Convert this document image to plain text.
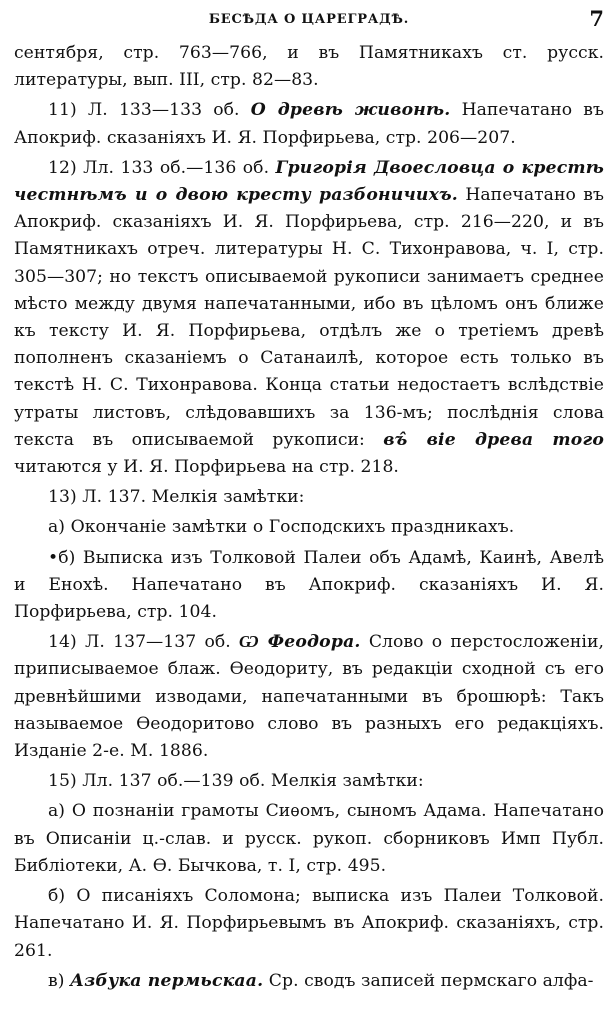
БЕСѢДА О ЦАРЕГРАДѢ.	7

сентября, стр. 763—766, и въ Памятникахъ ст. русск. литературы, вып. III, стр. 82—83.

11) Л. 133—133 об. О древѣ живонѣ. Напечатано въ Апокриф. сказаніяхъ И. Я. Порфирьева, стр. 206—207.

12) Лл. 133 об.—136 об. Григорія Двоесловца о крестѣ честнѣмъ и о двою кресту разбоничихъ. Напечатано въ Апокриф. сказаніяхъ И. Я. Порфирьева, стр. 216—220, и въ Памятникахъ отреч. литературы Н. С. Тихонравова, ч. I, стр. 305—307; но текстъ описываемой рукописи занимаетъ среднее мѣсто между двумя напечатанными, ибо въ цѣломъ онъ ближе къ тексту И. Я. Порфирьева, отдѣлъ же о третіемъ древѣ пополненъ сказаніемъ о Сатанаилѣ, которое есть только въ текстѣ Н. С. Тихонравова. Конца статьи недостаетъ вслѣдствіе утраты листовъ, слѣдовавшихъ за 136-мъ; послѣднія слова текста въ описываемой рукописи: въ̂ віе древа того читаются у И. Я. Порфирьева на стр. 218.

13) Л. 137. Мелкія замѣтки:

а) Окончаніе замѣтки о Господскихъ праздникахъ.

•б) Выписка изъ Толковой Палеи объ Адамѣ, Каинѣ, Авелѣ и Енохѣ. Напечатано въ Апокриф. сказаніяхъ И. Я. Порфирьева, стр. 104.

14) Л. 137—137 об. Ѡ Феодора. Слово о перстосложеніи, приписываемое блаж. Ѳеодориту, въ редакціи сходной съ его древнѣйшими изводами, напечатанными въ брошюрѣ: Такъ называемое Ѳеодоритово слово въ разныхъ его редакціяхъ. Изданіе 2-е. М. 1886.

15) Лл. 137 об.—139 об. Мелкія замѣтки:

а) О познаніи грамоты Сиѳомъ, сыномъ Адама. Напечатано въ Описаніи ц.-слав. и русск. рукоп. сборниковъ Имп Публ. Библіотеки, А. Ѳ. Бычкова, т. I, стр. 495.

б) О писаніяхъ Соломона; выписка изъ Палеи Толковой. Напечатано И. Я. Порфирьевымъ въ Апокриф. сказаніяхъ, стр. 261.

в) Азбука пермьскаа. Ср. сводъ записей пермскаго алфа-
